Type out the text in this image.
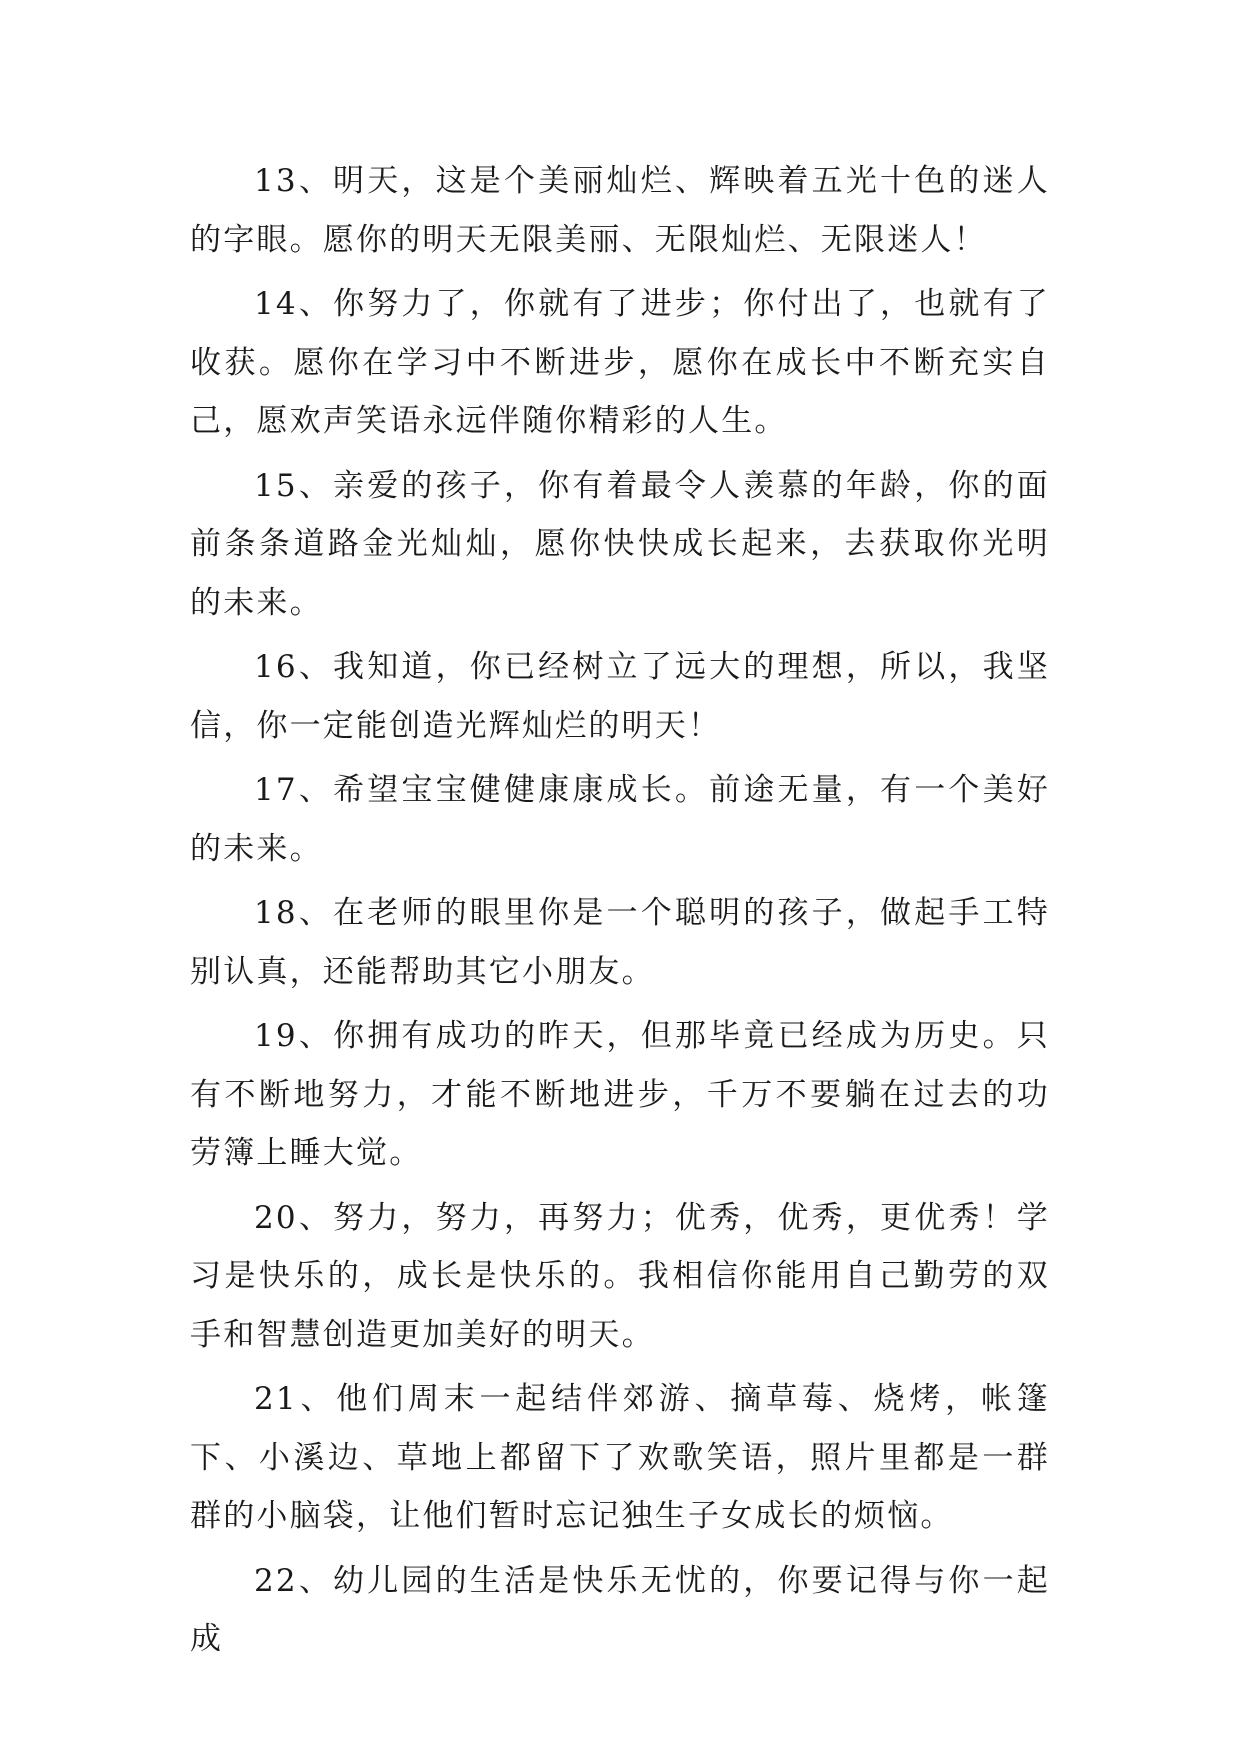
13、明天，这是个美丽灿烂、辉映着五光十色的迷人的字眼。愿你的明天无限美丽、无限灿烂、无限迷人！

14、你努力了，你就有了进步；你付出了，也就有了收获。愿你在学习中不断进步，愿你在成长中不断充实自己，愿欢声笑语永远伴随你精彩的人生。

15、亲爱的孩子，你有着最令人羡慕的年龄，你的面前条条道路金光灿灿，愿你快快成长起来，去获取你光明的未来。

16、我知道，你已经树立了远大的理想，所以，我坚信，你一定能创造光辉灿烂的明天！

17、希望宝宝健健康康成长。前途无量，有一个美好的未来。

18、在老师的眼里你是一个聪明的孩子，做起手工特别认真，还能帮助其它小朋友。

19、你拥有成功的昨天，但那毕竟已经成为历史。只有不断地努力，才能不断地进步，千万不要躺在过去的功劳簿上睡大觉。

20、努力，努力，再努力；优秀，优秀，更优秀！学习是快乐的，成长是快乐的。我相信你能用自己勤劳的双手和智慧创造更加美好的明天。

21、他们周末一起结伴郊游、摘草莓、烧烤，帐篷下、小溪边、草地上都留下了欢歌笑语，照片里都是一群群的小脑袋，让他们暂时忘记独生子女成长的烦恼。

22、幼儿园的生活是快乐无忧的，你要记得与你一起成
